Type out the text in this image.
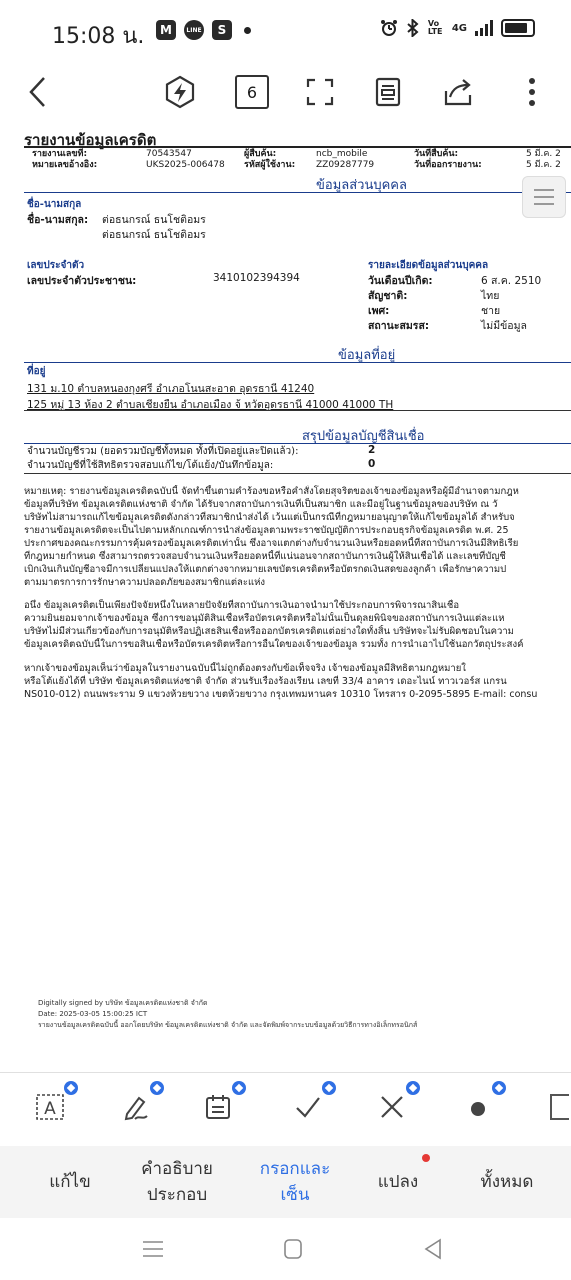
15:08 น.	M	LINE	S	Vo LTE 4G
6
รายงานข้อมูลเครดิต
รายงานเลขที่:	70543547
หมายเลขอ้างอิง:	UKS2025-006478
ผู้สืบค้น:	ncb_mobile
รหัสผู้ใช้งาน: ZZ09287779
วันที่สืบค้น:	5 มี.ค. 2
วันที่ออกรายงาน:	5 มี.ค. 2
ข้อมูลส่วนบุคคล
ชื่อ-นามสกุล
ชื่อ-นามสกุล: ต่อธนกรณ์ ธนโชติอมร
ต่อธนกรณ์ ธนโชติอมร
เลขประจำตัว
เลขประจำตัวประชาชน:	3410102394394
รายละเอียดข้อมูลส่วนบุคคล
วันเดือนปีเกิด:	6 ส.ค. 2510
สัญชาติ:	ไทย
เพศ:	ชาย
สถานะสมรส:	ไม่มีข้อมูล
ข้อมูลที่อยู่
ที่อยู่
131 ม.10 ตำบลหนองกุงศรี อำเภอโนนสะอาด อุดรธานี 41240
125 หมู่ 13 ห้อง 2 ตำบลเชียงยืน อำเภอเมือง จ้ หวัดอุดรธานี 41000 41000 TH
สรุปข้อมูลบัญชีสินเชื่อ
จำนวนบัญชีรวม (ยอดรวมบัญชีทั้งหมด ทั้งที่เปิดอยู่และปิดแล้ว):	2
จำนวนบัญชีที่ใช้สิทธิตรวจสอบแก้ไข/โต้แย้ง/บันทึกข้อมูล:	0
หมายเหตุ: รายงานข้อมูลเครดิตฉบับนี้ จัดทำขึ้นตามคำร้องขอหรือคำสั่งโดยสุจริตของเจ้าของข้อมูลหรือผู้มีอำนาจตามกฎห
ข้อมูลที่บริษัท ข้อมูลเครดิตแห่งชาติ จำกัด ได้รับจากสถาบันการเงินที่เป็นสมาชิก และมีอยู่ในฐานข้อมูลของบริษัท ณ วั
บริษัทไม่สามารถแก้ไขข้อมูลเครดิตดังกล่าวที่สมาชิกนำส่งได้ เว้นแต่เป็นกรณีที่กฎหมายอนุญาตให้แก้ไขข้อมูลได้ สำหรับจ
รายงานข้อมูลเครดิตจะเป็นไปตามหลักเกณฑ์การนำส่งข้อมูลตามพระราชบัญญัติการประกอบธุรกิจข้อมูลเครดิต พ.ศ. 25
ประกาศของคณะกรรมการคุ้มครองข้อมูลเครดิตเท่านั้น ซึ่งอาจแตกต่างกับจำนวนเงินหรือยอดหนี้ที่สถาบันการเงินมีสิทธิเรีย
ที่กฎหมายกำหนด ซึ่งสามารถตรวจสอบจำนวนเงินหรือยอดหนี้ที่แน่นอนจากสถาบันการเงินผู้ให้สินเชื่อได้ และเลขที่บัญชี
เบิกเงินเกินบัญชีอาจมีการเปลี่ยนแปลงให้แตกต่างจากหมายเลขบัตรเครดิตหรือบัตรกดเงินสดของลูกค้า เพื่อรักษาความป
ตามมาตรการการรักษาความปลอดภัยของสมาชิกแต่ละแห่ง
อนึ่ง ข้อมูลเครดิตเป็นเพียงปัจจัยหนึ่งในหลายปัจจัยที่สถาบันการเงินอาจนำมาใช้ประกอบการพิจารณาสินเชื่อ
ความยินยอมจากเจ้าของข้อมูล ซึ่งการขอนุมัติสินเชื่อหรือบัตรเครดิตหรือไม่นั้นเป็นดุลยพินิจของสถาบันการเงินแต่ละแห
บริษัทไม่มีส่วนเกี่ยวข้องกับการอนุมัติหรือปฏิเสธสินเชื่อหรือออกบัตรเครดิตแต่อย่างใดทั้งสิ้น บริษัทจะไม่รับผิดชอบในความ
ข้อมูลเครดิตฉบับนี้ในการขอสินเชื่อหรือบัตรเครดิตหรือการอื่นใดของเจ้าของข้อมูล รวมทั้ง การนำเอาไปใช้นอกวัตถุประสงค์
หากเจ้าของข้อมูลเห็นว่าข้อมูลในรายงานฉบับนี้ไม่ถูกต้องตรงกับข้อเท็จจริง เจ้าของข้อมูลมีสิทธิตามกฎหมายใ
หรือโต้แย้งได้ที่ บริษัท ข้อมูลเครดิตแห่งชาติ จำกัด ส่วนรับเรื่องร้องเรียน เลขที่ 33/4 อาคาร เดอะไนน์ ทาวเวอร์ส แกรน
NS010-012) ถนนพระราม 9 แขวงห้วยขวาง เขตห้วยขวาง กรุงเทพมหานคร 10310 โทรสาร 0-2095-5895 E-mail: consu
Digitally signed by บริษัท ข้อมูลเครดิตแห่งชาติ จำกัด
Date: 2025-03-05 15:00:25 ICT
รายงานข้อมูลเครดิตฉบับนี้ ออกโดยบริษัท ข้อมูลเครดิตแห่งชาติ จำกัด และจัดพิมพ์จากระบบข้อมูลด้วยวิธีการทางอิเล็กทรอนิกส์
A
แก้ไข
คำอธิบาย
ประกอบ
กรอกและ
เซ็น
แปลง	ทั้งหมด
